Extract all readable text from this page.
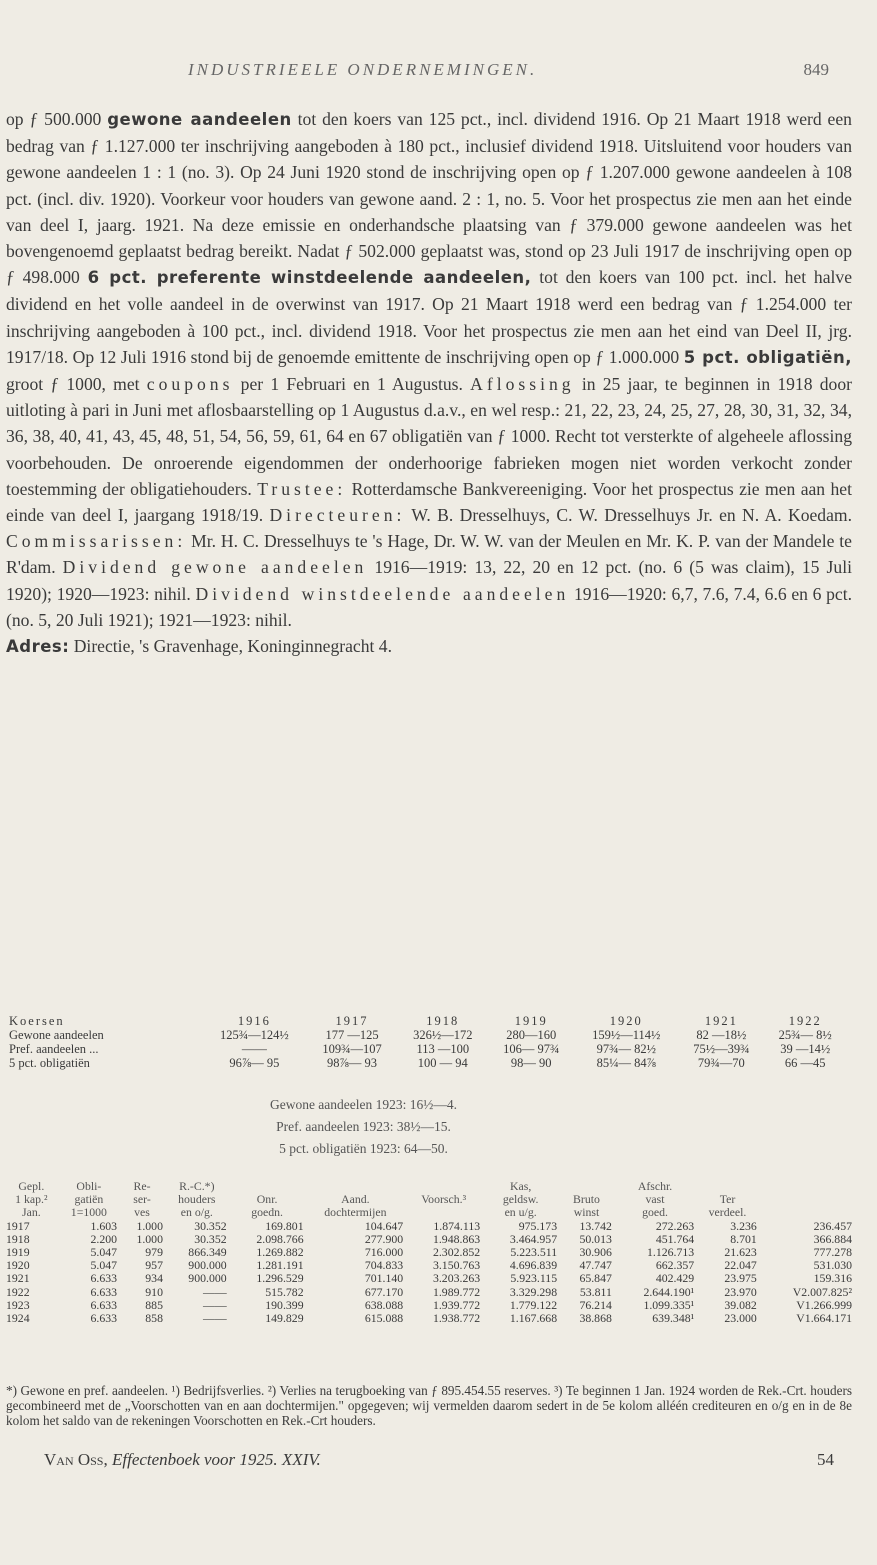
INDUSTRIEELE ONDERNEMINGEN.	849

op ƒ 500.000 gewone aandeelen tot den koers van 125 pct., incl. dividend 1916. Op 21 Maart 1918 werd een bedrag van ƒ 1.127.000 ter inschrijving aangeboden à 180 pct., inclusief dividend 1918. Uitsluitend voor houders van gewone aandeelen 1 : 1 (no. 3). Op 24 Juni 1920 stond de inschrijving open op ƒ 1.207.000 gewone aandeelen à 108 pct. (incl. div. 1920). Voorkeur voor houders van gewone aand. 2 : 1, no. 5. Voor het prospectus zie men aan het einde van deel I, jaarg. 1921. Na deze emissie en onderhandsche plaatsing van ƒ 379.000 gewone aandeelen was het bovengenoemd geplaatst bedrag bereikt. Nadat ƒ 502.000 geplaatst was, stond op 23 Juli 1917 de inschrijving open op ƒ 498.000 6 pct. preferente winstdeelende aandeelen, tot den koers van 100 pct. incl. het halve dividend en het volle aandeel in de overwinst van 1917. Op 21 Maart 1918 werd een bedrag van ƒ 1.254.000 ter inschrijving aangeboden à 100 pct., incl. dividend 1918. Voor het prospectus zie men aan het eind van Deel II, jrg. 1917/18. Op 12 Juli 1916 stond bij de genoemde emittente de inschrijving open op ƒ 1.000.000 5 pct. obligatiën, groot ƒ 1000, met coupons per 1 Februari en 1 Augustus. Aflossing in 25 jaar, te beginnen in 1918 door uitloting à pari in Juni met aflosbaarstelling op 1 Augustus d.a.v., en wel resp.: 21, 22, 23, 24, 25, 27, 28, 30, 31, 32, 34, 36, 38, 40, 41, 43, 45, 48, 51, 54, 56, 59, 61, 64 en 67 obligatiën van ƒ 1000. Recht tot versterkte of algeheele aflossing voorbehouden. De onroerende eigendommen der onderhoorige fabrieken mogen niet worden verkocht zonder toestemming der obligatiehouders. Trustee: Rotterdamsche Bankvereeniging. Voor het prospectus zie men aan het einde van deel I, jaargang 1918/19. Directeuren: W. B. Dresselhuys, C. W. Dresselhuys Jr. en N. A. Koedam. Commissarissen: Mr. H. C. Dresselhuys te 's Hage, Dr. W. W. van der Meulen en Mr. K. P. van der Mandele te R'dam. Dividend gewone aandeelen 1916—1919: 13, 22, 20 en 12 pct. (no. 6 (5 was claim), 15 Juli 1920); 1920—1923: nihil. Dividend winstdeelende aandeelen 1916—1920: 6,7, 7.6, 7.4, 6.6 en 6 pct. (no. 5, 20 Juli 1921); 1921—1923: nihil.

Adres: Directie, 's Gravenhage, Koninginnegracht 4.

Koersen	1916	1917	1918	1919	1920	1921	1922
Gewone aandeelen	125¾—124½	177 —125	326½—172	280—160	159½—114½	82 —18½	25¾— 8½
Pref. aandeelen ...	——	109¾—107	113 —100	106— 97¾	97¾— 82½	75½—39¾	39 —14½
5 pct. obligatiën	96⅞— 95	98⅞— 93	100 — 94	98— 90	85¼— 84⅞	79¾—70	66 —45
Gewone aandeelen 1923: 16½—4.
Pref. aandeelen 1923: 38½—15.
5 pct. obligatiën 1923: 64—50.
Gepl.	Obli-	Re-	R.-C.*)				Kas,		Afschr.		
1 kap.²	gatiën	ser-	houders	Onr.	Aand.	Voorsch.³	geldsw.	Bruto	vast	Ter	
Jan.	1=1000	ves	en o/g.	goedn.	dochtermijen		en u/g.	winst	goed.	verdeel.	
1917	1.603	1.000	30.352	169.801	104.647	1.874.113	975.173	13.742	272.263	3.236	236.457
1918	2.200	1.000	30.352	2.098.766	277.900	1.948.863	3.464.957	50.013	451.764	8.701	366.884
1919	5.047	979	866.349	1.269.882	716.000	2.302.852	5.223.511	30.906	1.126.713	21.623	777.278
1920	5.047	957	900.000	1.281.191	704.833	3.150.763	4.696.839	47.747	662.357	22.047	531.030
1921	6.633	934	900.000	1.296.529	701.140	3.203.263	5.923.115	65.847	402.429	23.975	159.316
1922	6.633	910	——	515.782	677.170	1.989.772	3.329.298	53.811	2.644.190¹	23.970	V2.007.825²
1923	6.633	885	——	190.399	638.088	1.939.772	1.779.122	76.214	1.099.335¹	39.082	V1.266.999
1924	6.633	858	——	149.829	615.088	1.938.772	1.167.668	38.868	639.348¹	23.000	V1.664.171
*) Gewone en pref. aandeelen. ¹) Bedrijfsverlies. ²) Verlies na terugboeking van ƒ 895.454.55 reserves. ³) Te beginnen 1 Jan. 1924 worden de Rek.-Crt. houders gecombineerd met de „Voorschotten van en aan dochtermijen." opgegeven; wij vermelden daarom sedert in de 5e kolom alléén crediteuren en o/g en in de 8e kolom het saldo van de rekeningen Voorschotten en Rek.-Crt houders.
Van Oss, Effectenboek voor 1925. XXIV.	54
